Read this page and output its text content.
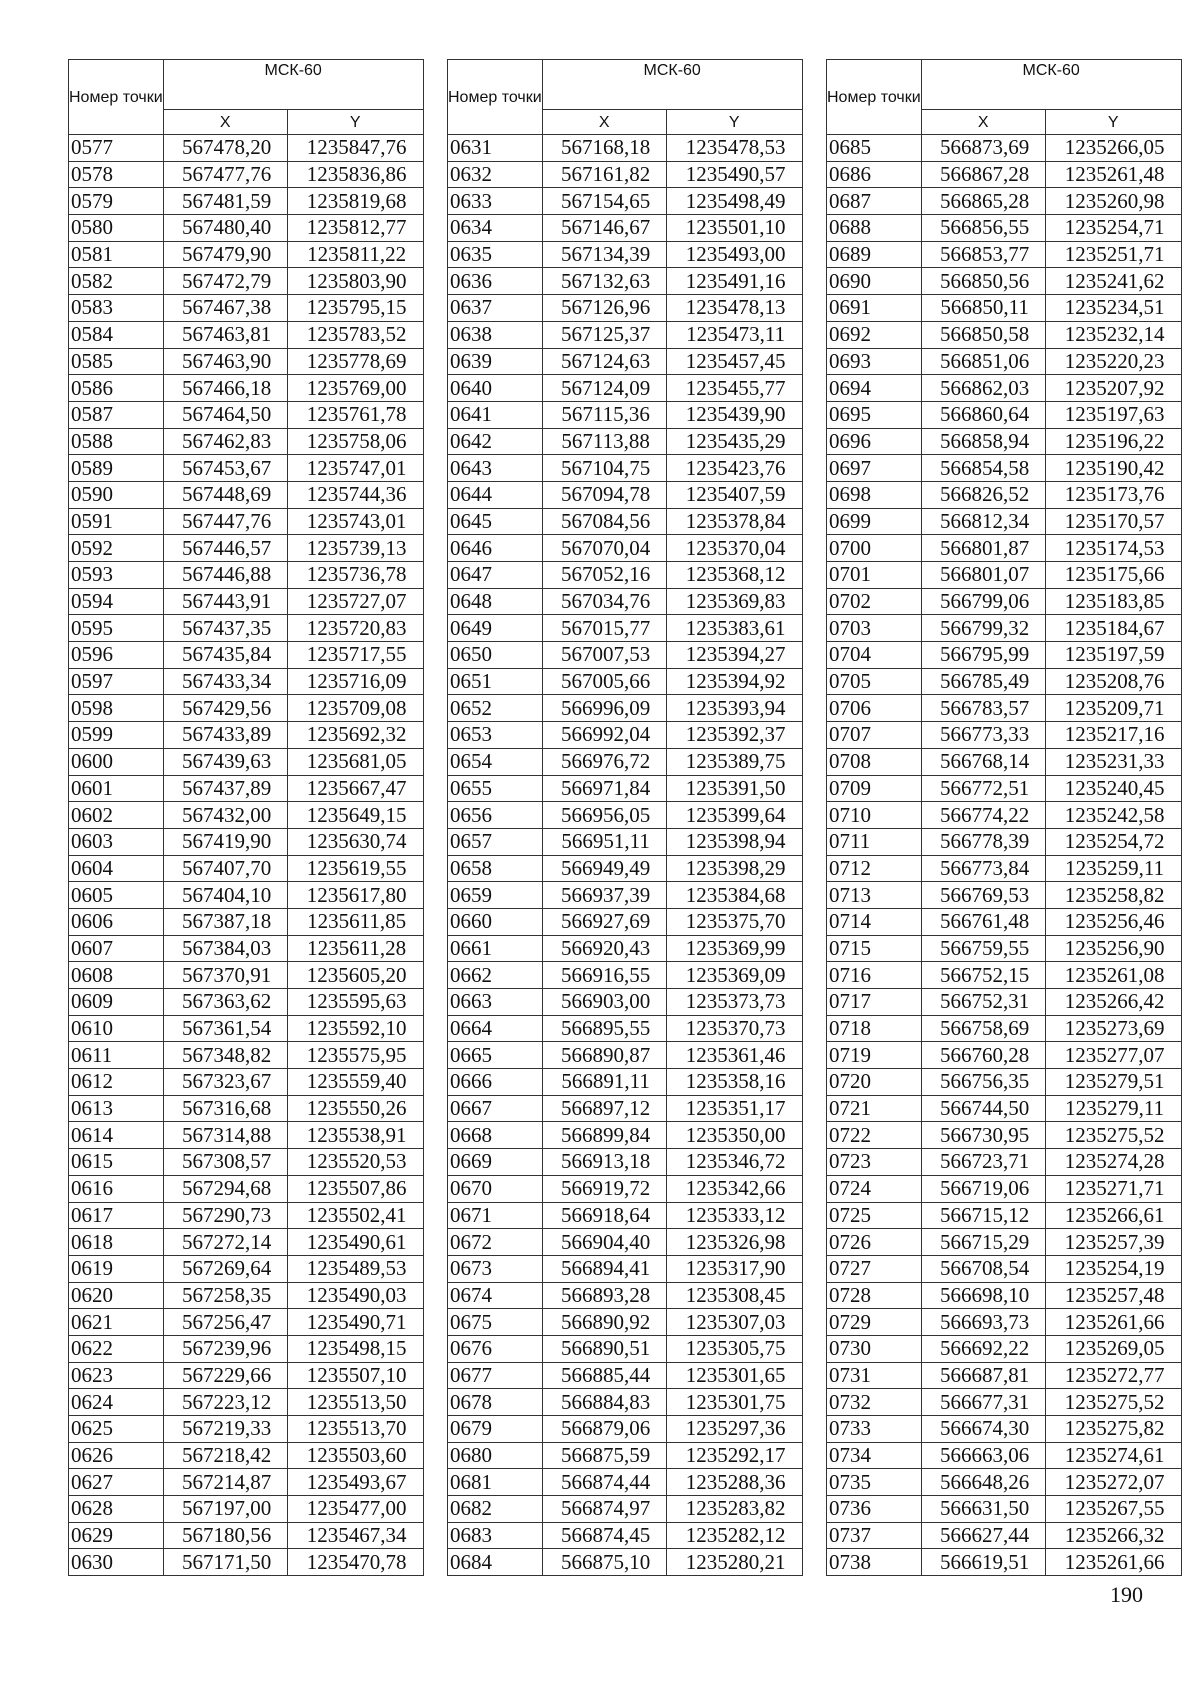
Номер точки	МСК-60	
	X	Y
0577	567478,20	1235847,76
0578	567477,76	1235836,86
0579	567481,59	1235819,68
0580	567480,40	1235812,77
0581	567479,90	1235811,22
0582	567472,79	1235803,90
0583	567467,38	1235795,15
0584	567463,81	1235783,52
0585	567463,90	1235778,69
0586	567466,18	1235769,00
0587	567464,50	1235761,78
0588	567462,83	1235758,06
0589	567453,67	1235747,01
0590	567448,69	1235744,36
0591	567447,76	1235743,01
0592	567446,57	1235739,13
0593	567446,88	1235736,78
0594	567443,91	1235727,07
0595	567437,35	1235720,83
0596	567435,84	1235717,55
0597	567433,34	1235716,09
0598	567429,56	1235709,08
0599	567433,89	1235692,32
0600	567439,63	1235681,05
0601	567437,89	1235667,47
0602	567432,00	1235649,15
0603	567419,90	1235630,74
0604	567407,70	1235619,55
0605	567404,10	1235617,80
0606	567387,18	1235611,85
0607	567384,03	1235611,28
0608	567370,91	1235605,20
0609	567363,62	1235595,63
0610	567361,54	1235592,10
0611	567348,82	1235575,95
0612	567323,67	1235559,40
0613	567316,68	1235550,26
0614	567314,88	1235538,91
0615	567308,57	1235520,53
0616	567294,68	1235507,86
0617	567290,73	1235502,41
0618	567272,14	1235490,61
0619	567269,64	1235489,53
0620	567258,35	1235490,03
0621	567256,47	1235490,71
0622	567239,96	1235498,15
0623	567229,66	1235507,10
0624	567223,12	1235513,50
0625	567219,33	1235513,70
0626	567218,42	1235503,60
0627	567214,87	1235493,67
0628	567197,00	1235477,00
0629	567180,56	1235467,34
0630	567171,50	1235470,78
Номер точки	МСК-60	
	X	Y
0631	567168,18	1235478,53
0632	567161,82	1235490,57
0633	567154,65	1235498,49
0634	567146,67	1235501,10
0635	567134,39	1235493,00
0636	567132,63	1235491,16
0637	567126,96	1235478,13
0638	567125,37	1235473,11
0639	567124,63	1235457,45
0640	567124,09	1235455,77
0641	567115,36	1235439,90
0642	567113,88	1235435,29
0643	567104,75	1235423,76
0644	567094,78	1235407,59
0645	567084,56	1235378,84
0646	567070,04	1235370,04
0647	567052,16	1235368,12
0648	567034,76	1235369,83
0649	567015,77	1235383,61
0650	567007,53	1235394,27
0651	567005,66	1235394,92
0652	566996,09	1235393,94
0653	566992,04	1235392,37
0654	566976,72	1235389,75
0655	566971,84	1235391,50
0656	566956,05	1235399,64
0657	566951,11	1235398,94
0658	566949,49	1235398,29
0659	566937,39	1235384,68
0660	566927,69	1235375,70
0661	566920,43	1235369,99
0662	566916,55	1235369,09
0663	566903,00	1235373,73
0664	566895,55	1235370,73
0665	566890,87	1235361,46
0666	566891,11	1235358,16
0667	566897,12	1235351,17
0668	566899,84	1235350,00
0669	566913,18	1235346,72
0670	566919,72	1235342,66
0671	566918,64	1235333,12
0672	566904,40	1235326,98
0673	566894,41	1235317,90
0674	566893,28	1235308,45
0675	566890,92	1235307,03
0676	566890,51	1235305,75
0677	566885,44	1235301,65
0678	566884,83	1235301,75
0679	566879,06	1235297,36
0680	566875,59	1235292,17
0681	566874,44	1235288,36
0682	566874,97	1235283,82
0683	566874,45	1235282,12
0684	566875,10	1235280,21
Номер точки	МСК-60	
	X	Y
0685	566873,69	1235266,05
0686	566867,28	1235261,48
0687	566865,28	1235260,98
0688	566856,55	1235254,71
0689	566853,77	1235251,71
0690	566850,56	1235241,62
0691	566850,11	1235234,51
0692	566850,58	1235232,14
0693	566851,06	1235220,23
0694	566862,03	1235207,92
0695	566860,64	1235197,63
0696	566858,94	1235196,22
0697	566854,58	1235190,42
0698	566826,52	1235173,76
0699	566812,34	1235170,57
0700	566801,87	1235174,53
0701	566801,07	1235175,66
0702	566799,06	1235183,85
0703	566799,32	1235184,67
0704	566795,99	1235197,59
0705	566785,49	1235208,76
0706	566783,57	1235209,71
0707	566773,33	1235217,16
0708	566768,14	1235231,33
0709	566772,51	1235240,45
0710	566774,22	1235242,58
0711	566778,39	1235254,72
0712	566773,84	1235259,11
0713	566769,53	1235258,82
0714	566761,48	1235256,46
0715	566759,55	1235256,90
0716	566752,15	1235261,08
0717	566752,31	1235266,42
0718	566758,69	1235273,69
0719	566760,28	1235277,07
0720	566756,35	1235279,51
0721	566744,50	1235279,11
0722	566730,95	1235275,52
0723	566723,71	1235274,28
0724	566719,06	1235271,71
0725	566715,12	1235266,61
0726	566715,29	1235257,39
0727	566708,54	1235254,19
0728	566698,10	1235257,48
0729	566693,73	1235261,66
0730	566692,22	1235269,05
0731	566687,81	1235272,77
0732	566677,31	1235275,52
0733	566674,30	1235275,82
0734	566663,06	1235274,61
0735	566648,26	1235272,07
0736	566631,50	1235267,55
0737	566627,44	1235266,32
0738	566619,51	1235261,66
190
